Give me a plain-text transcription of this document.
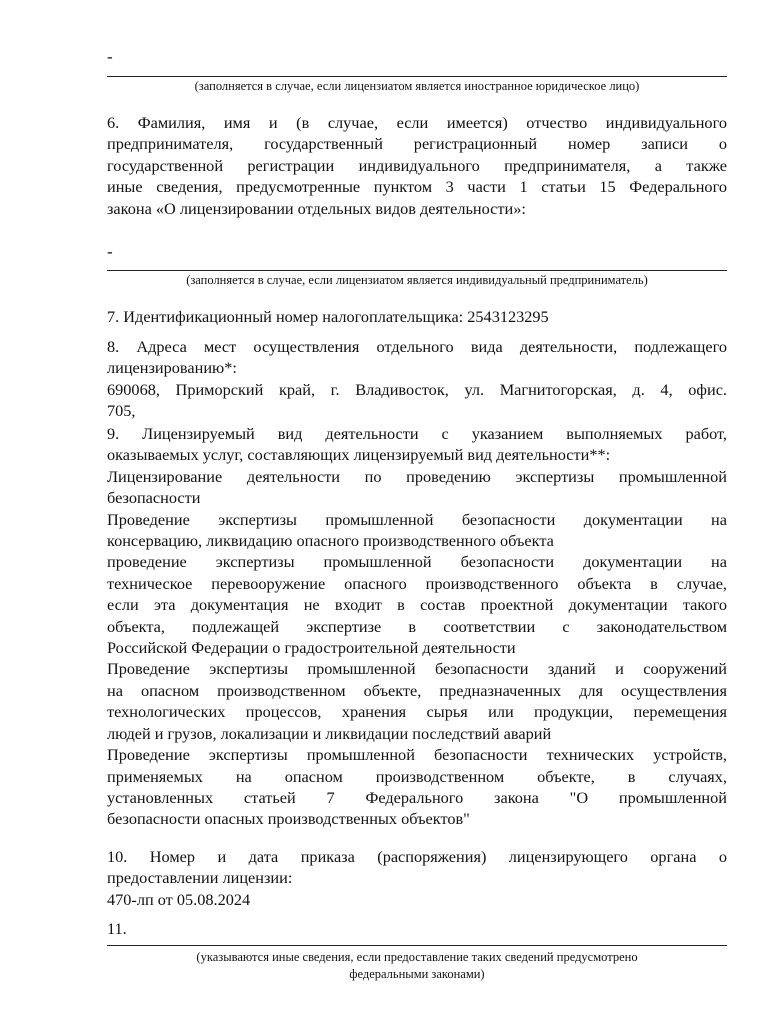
-
(заполняется в случае, если лицензиатом является иностранное юридическое лицо)
6. Фамилия, имя и (в случае, если имеется) отчество индивидуального
предпринимателя, государственный регистрационный номер записи о
государственной регистрации индивидуального предпринимателя, а также
иные сведения, предусмотренные пунктом 3 части 1 статьи 15 Федерального
закона «О лицензировании отдельных видов деятельности»:
-
(заполняется в случае, если лицензиатом является индивидуальный предприниматель)
7. Идентификационный номер налогоплательщика: 2543123295
8. Адреса мест осуществления отдельного вида деятельности, подлежащего
лицензированию*:
690068, Приморский край, г. Владивосток, ул. Магнитогорская, д. 4, офис.
705,
9. Лицензируемый вид деятельности с указанием выполняемых работ,
оказываемых услуг, составляющих лицензируемый вид деятельности**:
Лицензирование деятельности по проведению экспертизы промышленной
безопасности
Проведение экспертизы промышленной безопасности документации на
консервацию, ликвидацию опасного производственного объекта
проведение экспертизы промышленной безопасности документации на
техническое перевооружение опасного производственного объекта в случае,
если эта документация не входит в состав проектной документации такого
объекта, подлежащей экспертизе в соответствии с законодательством
Российской Федерации о градостроительной деятельности
Проведение экспертизы промышленной безопасности зданий и сооружений
на опасном производственном объекте, предназначенных для осуществления
технологических процессов, хранения сырья или продукции, перемещения
людей и грузов, локализации и ликвидации последствий аварий
Проведение экспертизы промышленной безопасности технических устройств,
применяемых на опасном производственном объекте, в случаях,
установленных статьей 7 Федерального закона "О промышленной
безопасности опасных производственных объектов"
10. Номер и дата приказа (распоряжения) лицензирующего органа о
предоставлении лицензии:
470-лп от 05.08.2024
11.
(указываются иные сведения, если предоставление таких сведений предусмотрено
федеральными законами)
